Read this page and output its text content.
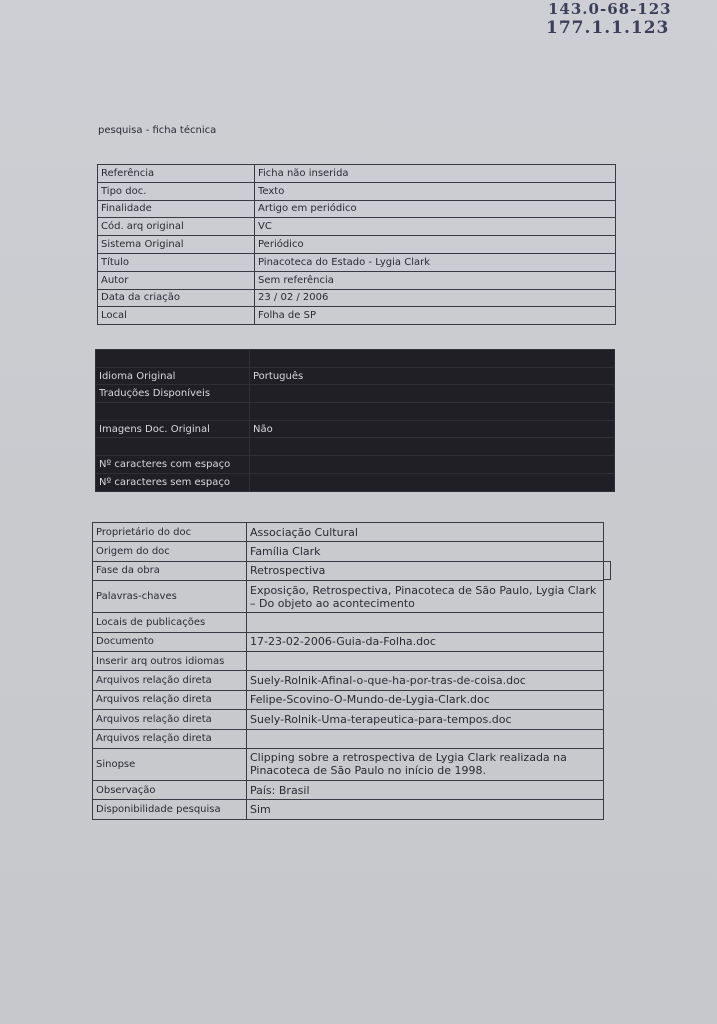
143.0-68-123
177.1.1.123
pesquisa - ficha técnica
Referência	Ficha não inserida
Tipo doc.	Texto
Finalidade	Artigo em periódico
Cód. arq original	VC
Sistema Original	Periódico
Título	Pinacoteca do Estado - Lygia Clark
Autor	Sem referência
Data da criação	23 / 02 / 2006
Local	Folha de SP

Idioma Original	Português
Traduções Disponíveis	

Imagens Doc. Original	Não

Nº caracteres com espaço	
Nº caracteres sem espaço	
Proprietário do doc	Associação Cultural
Origem do doc	Família Clark
Fase da obra	Retrospectiva
Palavras-chaves	Exposição, Retrospectiva, Pinacoteca de São Paulo, Lygia Clark – Do objeto ao acontecimento
Locais de publicações	
Documento	17-23-02-2006-Guia-da-Folha.doc
Inserir arq outros idiomas	
Arquivos relação direta	Suely-Rolnik-Afinal-o-que-ha-por-tras-de-coisa.doc
Arquivos relação direta	Felipe-Scovino-O-Mundo-de-Lygia-Clark.doc
Arquivos relação direta	Suely-Rolnik-Uma-terapeutica-para-tempos.doc
Arquivos relação direta	
Sinopse	Clipping sobre a retrospectiva de Lygia Clark realizada na Pinacoteca de São Paulo no início de 1998.
Observação	País: Brasil
Disponibilidade pesquisa	Sim
